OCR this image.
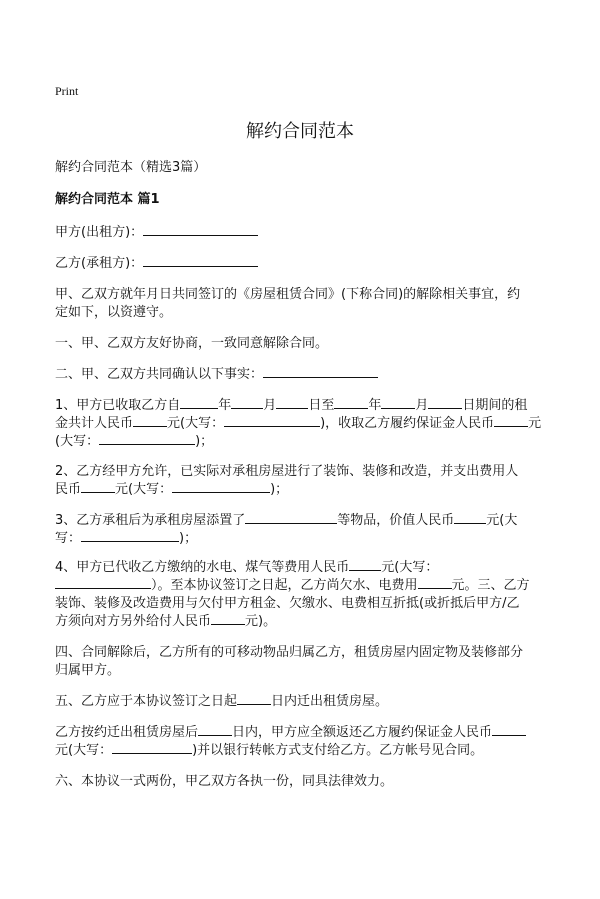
Print
解约合同范本
解约合同范本（精选3篇）
解约合同范本 篇1
甲方(出租方)：
乙方(承租方)：
甲、乙双方就年月日共同签订的《房屋租赁合同》(下称合同)的解除相关事宜，约
定如下，以资遵守。
一、甲、乙双方友好协商，一致同意解除合同。
二、甲、乙双方共同确认以下事实：
1、甲方已收取乙方自	年 月 日至	年	月	日期间的租
金共计人民币	元(大写：	)，收取乙方履约保证金人民币	元
(大写：	)；
2、乙方经甲方允许，已实际对承租房屋进行了装饰、装修和改造，并支出费用人
民币	元(大写：	)；
3、乙方承租后为承租房屋添置了	等物品，价值人民币 元(大
写：	)；
4、甲方已代收乙方缴纳的水电、煤气等费用人民币 元(大写：
）。至本协议签订之日起，乙方尚欠水、电费用	元。三、乙方
装饰、装修及改造费用与欠付甲方租金、欠缴水、电费相互折抵(或折抵后甲方/乙
方须向对方另外给付人民币	元)。
四、合同解除后，乙方所有的可移动物品归属乙方，租赁房屋内固定物及装修部分
归属甲方。
五、乙方应于本协议签订之日起	日内迁出租赁房屋。
乙方按约迁出租赁房屋后	日内，甲方应全额返还乙方履约保证金人民币
元(大写：	)并以银行转帐方式支付给乙方。乙方帐号见合同。
六、本协议一式两份，甲乙双方各执一份，同具法律效力。
